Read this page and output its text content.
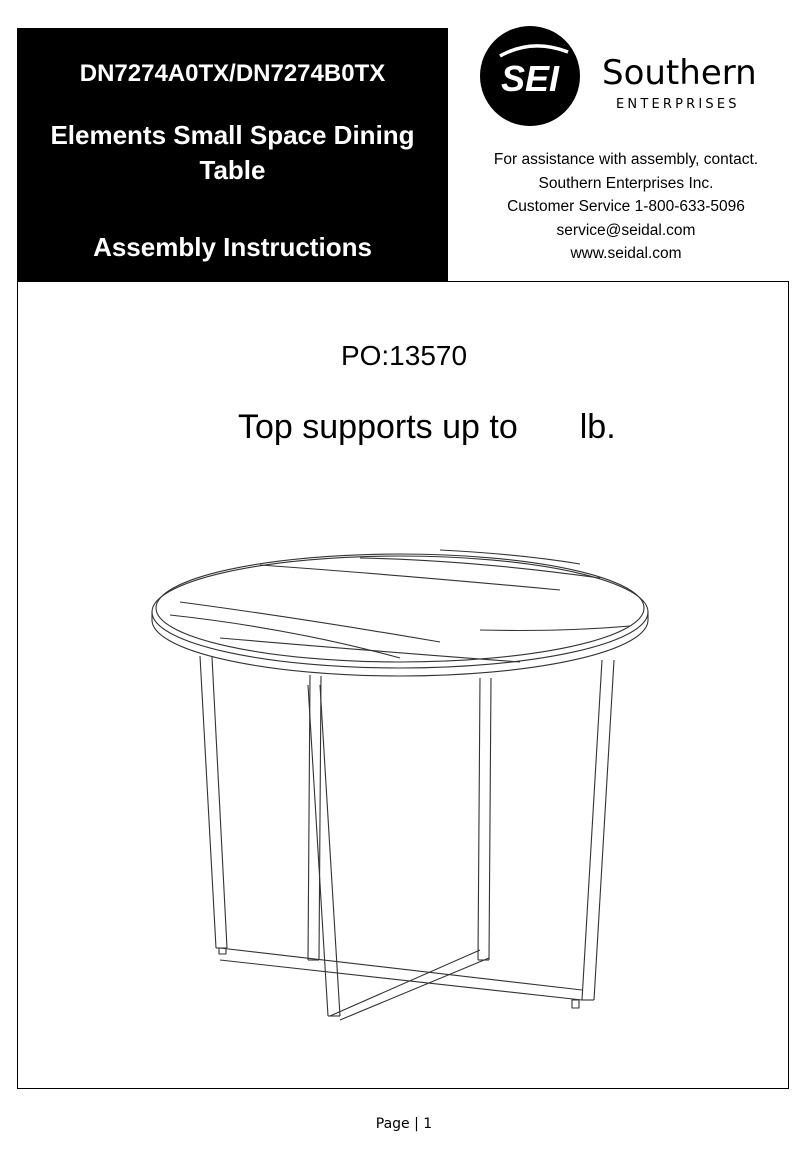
DN7274A0TX/DN7274B0TX
Elements Small Space Dining
Table
Assembly Instructions
SEI Southern
ENTERPRISES
For assistance with assembly, contact.
Southern Enterprises Inc.
Customer Service 1-800-633-5096
service@seidal.com
www.seidal.com
PO:13570
Top supports up to lb.
Page | 1
